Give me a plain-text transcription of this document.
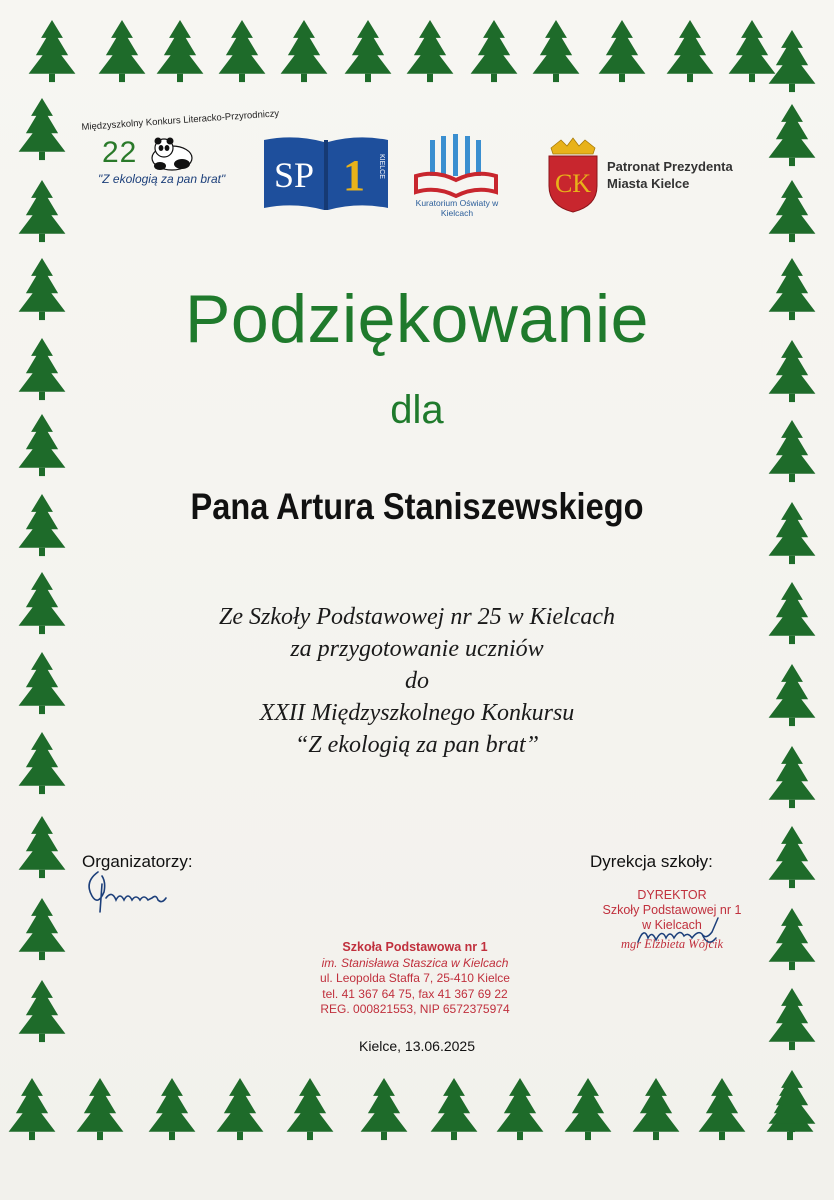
Międzyszkolny Konkurs Literacko-Przyrodniczy
22
"Z ekologią za pan brat" SP 1 KIELCE
Kuratorium Oświaty w Kielcach
CK
Patronat Prezydenta
Miasta Kielce
Podziękowanie
dla
Pana Artura Staniszewskiego
Ze Szkoły Podstawowej nr 25 w Kielcach
za przygotowanie uczniów
do
XXII Międzyszkolnego Konkursu
“Z ekologią za pan brat”
Organizatorzy:	Dyrekcja szkoły:
DYREKTOR
Szkoły Podstawowej nr 1
w Kielcach
mgr Elżbieta Wójcik
Szkoła Podstawowa nr 1
im. Stanisława Staszica w Kielcach
ul. Leopolda Staffa 7, 25-410 Kielce
tel. 41 367 64 75, fax 41 367 69 22
REG. 000821553, NIP 6572375974
Kielce, 13.06.2025
